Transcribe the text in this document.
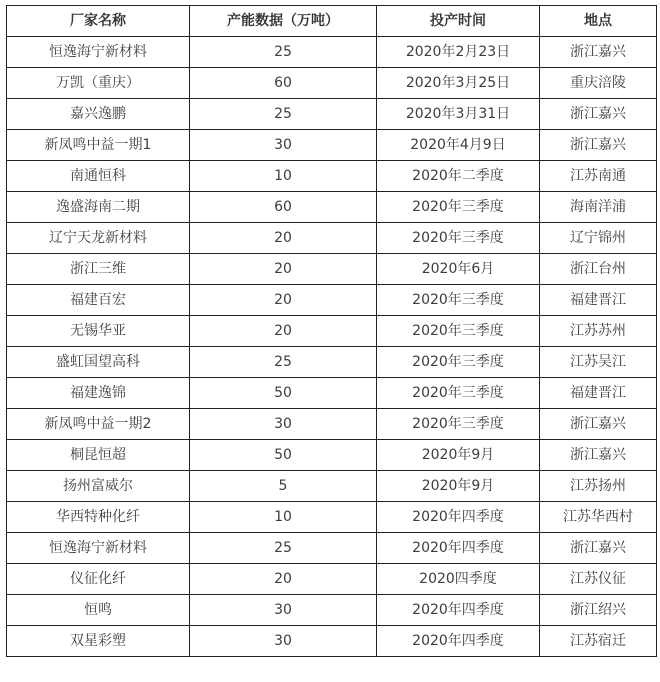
厂家名称	产能数据（万吨）	投产时间	地点
恒逸海宁新材料	25	2020年2月23日	浙江嘉兴
万凯（重庆）	60	2020年3月25日	重庆涪陵
嘉兴逸鹏	25	2020年3月31日	浙江嘉兴
新凤鸣中益一期1	30	2020年4月9日	浙江嘉兴
南通恒科	10	2020年二季度	江苏南通
逸盛海南二期	60	2020年三季度	海南洋浦
辽宁天龙新材料	20	2020年三季度	辽宁锦州
浙江三维	20	2020年6月	浙江台州
福建百宏	20	2020年三季度	福建晋江
无锡华亚	20	2020年三季度	江苏苏州
盛虹国望高科	25	2020年三季度	江苏吴江
福建逸锦	50	2020年三季度	福建晋江
新凤鸣中益一期2	30	2020年三季度	浙江嘉兴
桐昆恒超	50	2020年9月	浙江嘉兴
扬州富威尔	5	2020年9月	江苏扬州
华西特种化纤	10	2020年四季度	江苏华西村
恒逸海宁新材料	25	2020年四季度	浙江嘉兴
仪征化纤	20	2020四季度	江苏仪征
恒鸣	30	2020年四季度	浙江绍兴
双星彩塑	30	2020年四季度	江苏宿迁
